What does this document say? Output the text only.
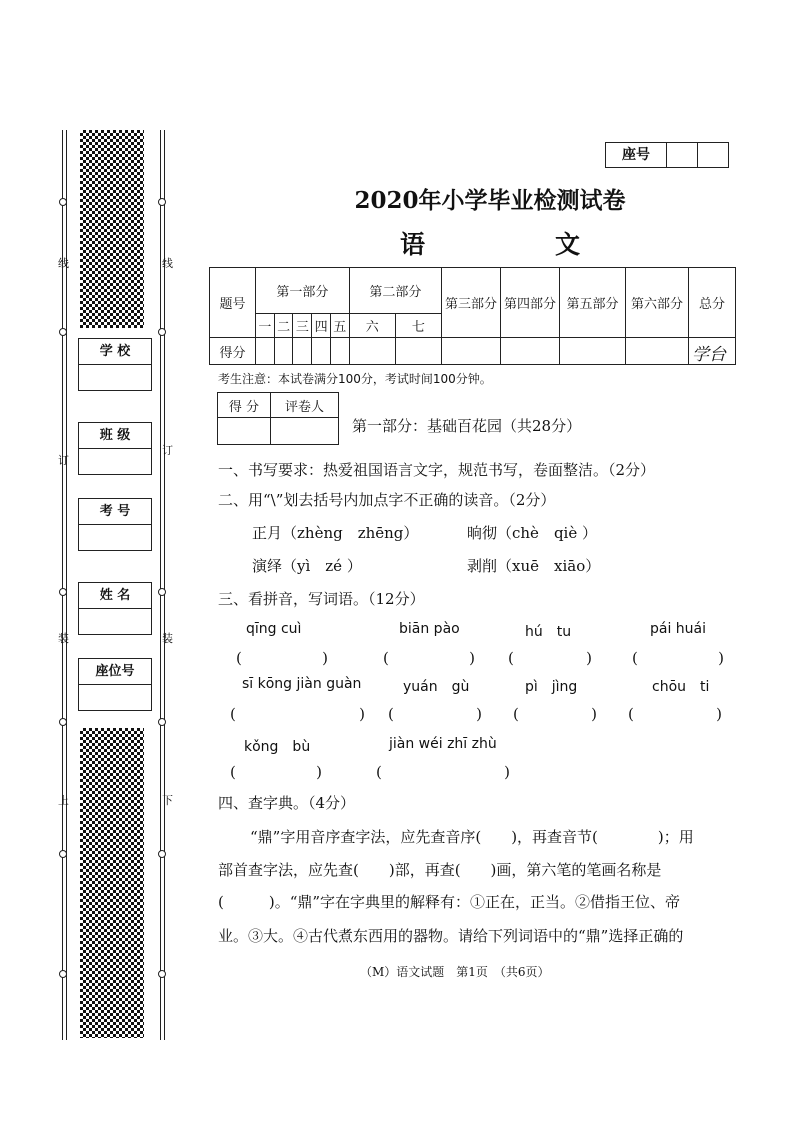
线
订
装
上
线
订
装
下
学 校
班 级
考 号
姓 名
座位号
座号
2020年小学毕业检测试卷
语	文
题号	第一部分					第二部分		第三部分	第四部分	第五部分	第六部分	总分
	一	二	三	四	五	六	七					
得分													学台
考生注意：本试卷满分100分，考试时间100分钟。
得 分	评卷人

第一部分：基础百花园（共28分）
一、书写要求：热爱祖国语言文字，规范书写，卷面整洁。（2分）
二、用“\”划去括号内加点字不正确的读音。（2分）
正月（zhèng　zhēng）	晌彻（chè　qiè ）
演绎（yì　zé ）	剥削（xuē　xiāo）
三、看拼音，写词语。（12分）
qīng cuì	biān pào	hú　tu	pái huái
(	)	(	) (	)	(	)
sī kōng jiàn guàn	yuán　gù	pì　jìng	chōu　ti
(	) (	) (	) (	)
kǒng　bù	jiàn wéi zhī zhù
(	)	(	)
四、查字典。（4分）
“鼎”字用音序查字法，应先查音序(　　)，再查音节(　　　　)；用
部首查字法，应先查(　　)部，再查(　　)画，第六笔的笔画名称是
(　　　)。“鼎”字在字典里的解释有：①正在，正当。②借指王位、帝
业。③大。④古代煮东西用的器物。请给下列词语中的“鼎”选择正确的
（M）语文试题　第1页　（共6页）
